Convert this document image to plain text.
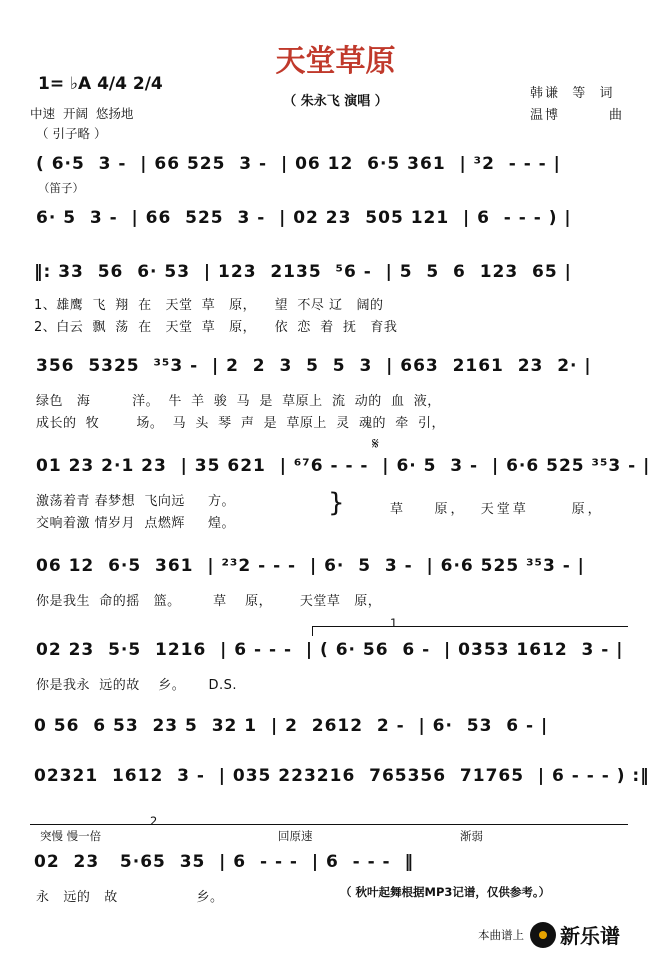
天堂草原
（ 朱永飞 演唱 ）
1= ♭A 4/4 2/4
中速  开阔  悠扬地
（ 引子略 ）
韩谦  等  词
温博        曲
( 6·5  3 -  | 66 525  3 -  | 06 12  6·5 361  | ³2  - - - |
（笛子）
6· 5  3 -  | 66  525  3 -  | 02 23  505 121  | 6  - - - ) |
‖: 33  56  6· 53  | 123  2135  ⁵6 -  | 5  5  6  123  65 |
1、雄鹰  飞  翔  在   天堂  草   原，    望  不尽 辽   阔的
2、白云  飘  荡  在   天堂  草   原，    依  恋  着  抚   育我
356  5325  ³⁵3 -  | 2  2  3  5  5  3  | 663  2161  23  2· |
绿色   海         洋。  牛  羊  骏  马  是  草原上  流  动的  血  液，
成长的  牧        场。  马  头  琴  声  是  草原上  灵  魂的  牵  引，
𝄋
01 23 2·1 23  | 35 621  | ⁶⁷6 - - -  | 6· 5  3 -  | 6·6 525 ³⁵3 - |
激荡着青 春梦想  飞向远     方。
交响着激 情岁月  点燃辉     煌。
}	草    原，  天堂草      原，
06 12  6·5  361  | ²³2 - - -  | 6·  5  3 -  | 6·6 525 ³⁵3 - |
你是我生  命的摇   篮。       草    原，      天堂草   原，
1
02 23  5·5  1216  | 6 - - -  | ( 6· 56  6 -  | 0353 1612  3 - |
你是我永  远的故    乡。     D.S.
0 56  6 53  23 5  32 1  | 2  2612  2 -  | 6·  53  6 - |
02321  1612  3 -  | 035 223216  765356  71765  | 6 - - - ) :‖
2
突慢 慢一倍	回原速	渐弱
02  23   5·65  35  | 6  - - -  | 6  - - -  ‖
永   远的   故                 乡。	（ 秋叶起舞根据MP3记谱，仅供参考。）
本曲谱上 新乐谱
